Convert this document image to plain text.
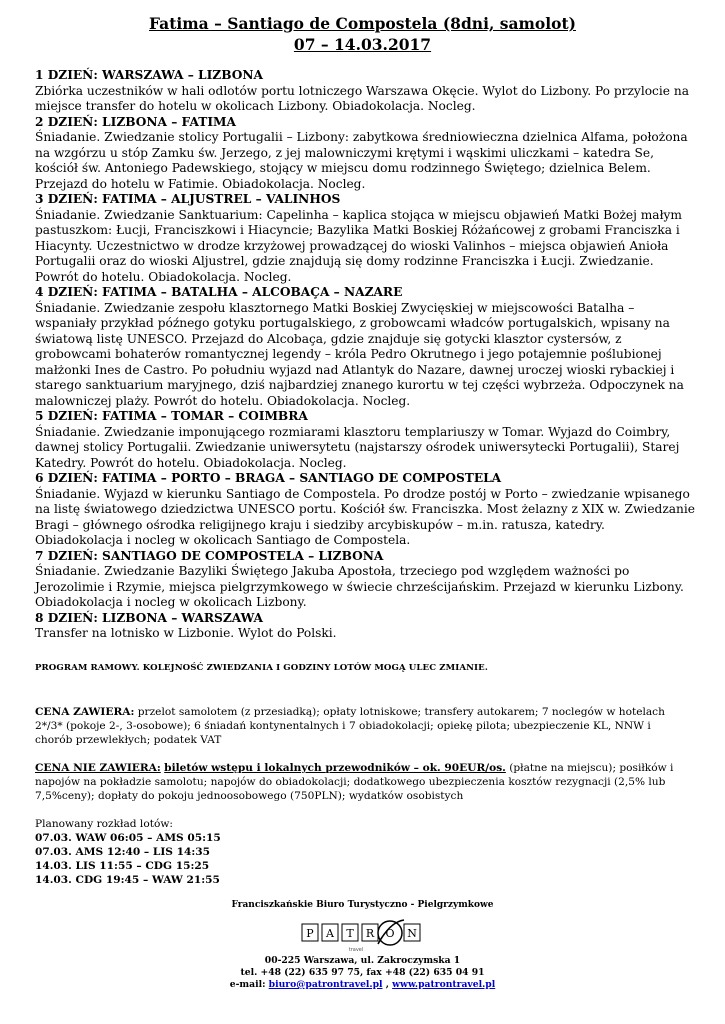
Fatima – Santiago de Compostela (8dni, samolot)
07 – 14.03.2017
1 DZIEŃ: WARSZAWA – LIZBONA
Zbiórka uczestników w hali odlotów portu lotniczego Warszawa Okęcie. Wylot do Lizbony. Po przylocie na miejsce transfer do hotelu w okolicach Lizbony. Obiadokolacja. Nocleg.
2 DZIEŃ: LIZBONA – FATIMA
Śniadanie. Zwiedzanie stolicy Portugalii – Lizbony: zabytkowa średniowieczna dzielnica Alfama, położona na wzgórzu u stóp Zamku św. Jerzego, z jej malowniczymi krętymi i wąskimi uliczkami – katedra Se, kościół św. Antoniego Padewskiego, stojący w miejscu domu rodzinnego Świętego; dzielnica Belem. Przejazd do hotelu w Fatimie. Obiadokolacja. Nocleg.
3 DZIEŃ: FATIMA – ALJUSTREL – VALINHOS
Śniadanie. Zwiedzanie Sanktuarium: Capelinha – kaplica stojąca w miejscu objawień Matki Bożej małym pastuszkom: Łucji, Franciszkowi i Hiacyncie; Bazylika Matki Boskiej Różańcowej z grobami Franciszka i Hiacynty. Uczestnictwo w drodze krzyżowej prowadzącej do wioski Valinhos – miejsca objawień Anioła Portugalii oraz do wioski Aljustrel, gdzie znajdują się domy rodzinne Franciszka i Łucji. Zwiedzanie. Powrót do hotelu. Obiadokolacja. Nocleg.
4 DZIEŃ: FATIMA – BATALHA – ALCOBAÇA – NAZARE
Śniadanie. Zwiedzanie zespołu klasztornego Matki Boskiej Zwycięskiej w miejscowości Batalha – wspaniały przykład późnego gotyku portugalskiego, z grobowcami władców portugalskich, wpisany na światową listę UNESCO. Przejazd do Alcobaça, gdzie znajduje się gotycki klasztor cystersów, z grobowcami bohaterów romantycznej legendy – króla Pedro Okrutnego i jego potajemnie poślubionej małżonki Ines de Castro. Po południu wyjazd nad Atlantyk do Nazare, dawnej uroczej wioski rybackiej i starego sanktuarium maryjnego, dziś najbardziej znanego kurortu w tej części wybrzeża. Odpoczynek na malowniczej plaży. Powrót do hotelu. Obiadokolacja. Nocleg.
5 DZIEŃ: FATIMA – TOMAR – COIMBRA
Śniadanie. Zwiedzanie imponującego rozmiarami klasztoru templariuszy w Tomar. Wyjazd do Coimbry, dawnej stolicy Portugalii. Zwiedzanie uniwersytetu (najstarszy ośrodek uniwersytecki Portugalii), Starej Katedry. Powrót do hotelu. Obiadokolacja. Nocleg.
6 DZIEŃ: FATIMA – PORTO – BRAGA – SANTIAGO DE COMPOSTELA
Śniadanie. Wyjazd w kierunku Santiago de Compostela. Po drodze postój w Porto – zwiedzanie wpisanego na listę światowego dziedzictwa UNESCO portu. Kościół św. Franciszka. Most żelazny z XIX w. Zwiedzanie Bragi – głównego ośrodka religijnego kraju i siedziby arcybiskupów – m.in. ratusza, katedry. Obiadokolacja i nocleg w okolicach Santiago de Compostela.
7 DZIEŃ: SANTIAGO DE COMPOSTELA – LIZBONA
Śniadanie. Zwiedzanie Bazyliki Świętego Jakuba Apostoła, trzeciego pod względem ważności po Jerozolimie i Rzymie, miejsca pielgrzymkowego w świecie chrześcijańskim. Przejazd w kierunku Lizbony. Obiadokolacja i nocleg w okolicach Lizbony.
8 DZIEŃ: LIZBONA – WARSZAWA
Transfer na lotnisko w Lizbonie. Wylot do Polski.
PROGRAM RAMOWY. KOLEJNOŚĆ ZWIEDZANIA I GODZINY LOTÓW MOGĄ ULEC ZMIANIE.
CENA ZAWIERA: przelot samolotem (z przesiadką); opłaty lotniskowe; transfery autokarem; 7 noclegów w hotelach 2*/3* (pokoje 2-, 3-osobowe); 6 śniadań kontynentalnych i 7 obiadokolacji; opiekę pilota; ubezpieczenie KL, NNW i chorób przewlekłych; podatek VAT
CENA NIE ZAWIERA: biletów wstępu i lokalnych przewodników – ok. 90EUR/os. (płatne na miejscu); posiłków i napojów na pokładzie samolotu; napojów do obiadokolacji; dodatkowego ubezpieczenia kosztów rezygnacji (2,5% lub 7,5%ceny); dopłaty do pokoju jednoosobowego (750PLN); wydatków osobistych
Planowany rozkład lotów:
07.03. WAW 06:05 – AMS 05:15
07.03. AMS 12:40 – LIS 14:35
14.03. LIS 11:55 – CDG 15:25
14.03. CDG 19:45 – WAW 21:55
Franciszkańskie Biuro Turystyczno - Pielgrzymkowe
P A T R O N
travel
00-225 Warszawa, ul. Zakroczymska 1
tel. +48 (22) 635 97 75, fax +48 (22) 635 04 91
e-mail: biuro@patrontravel.pl , www.patrontravel.pl
